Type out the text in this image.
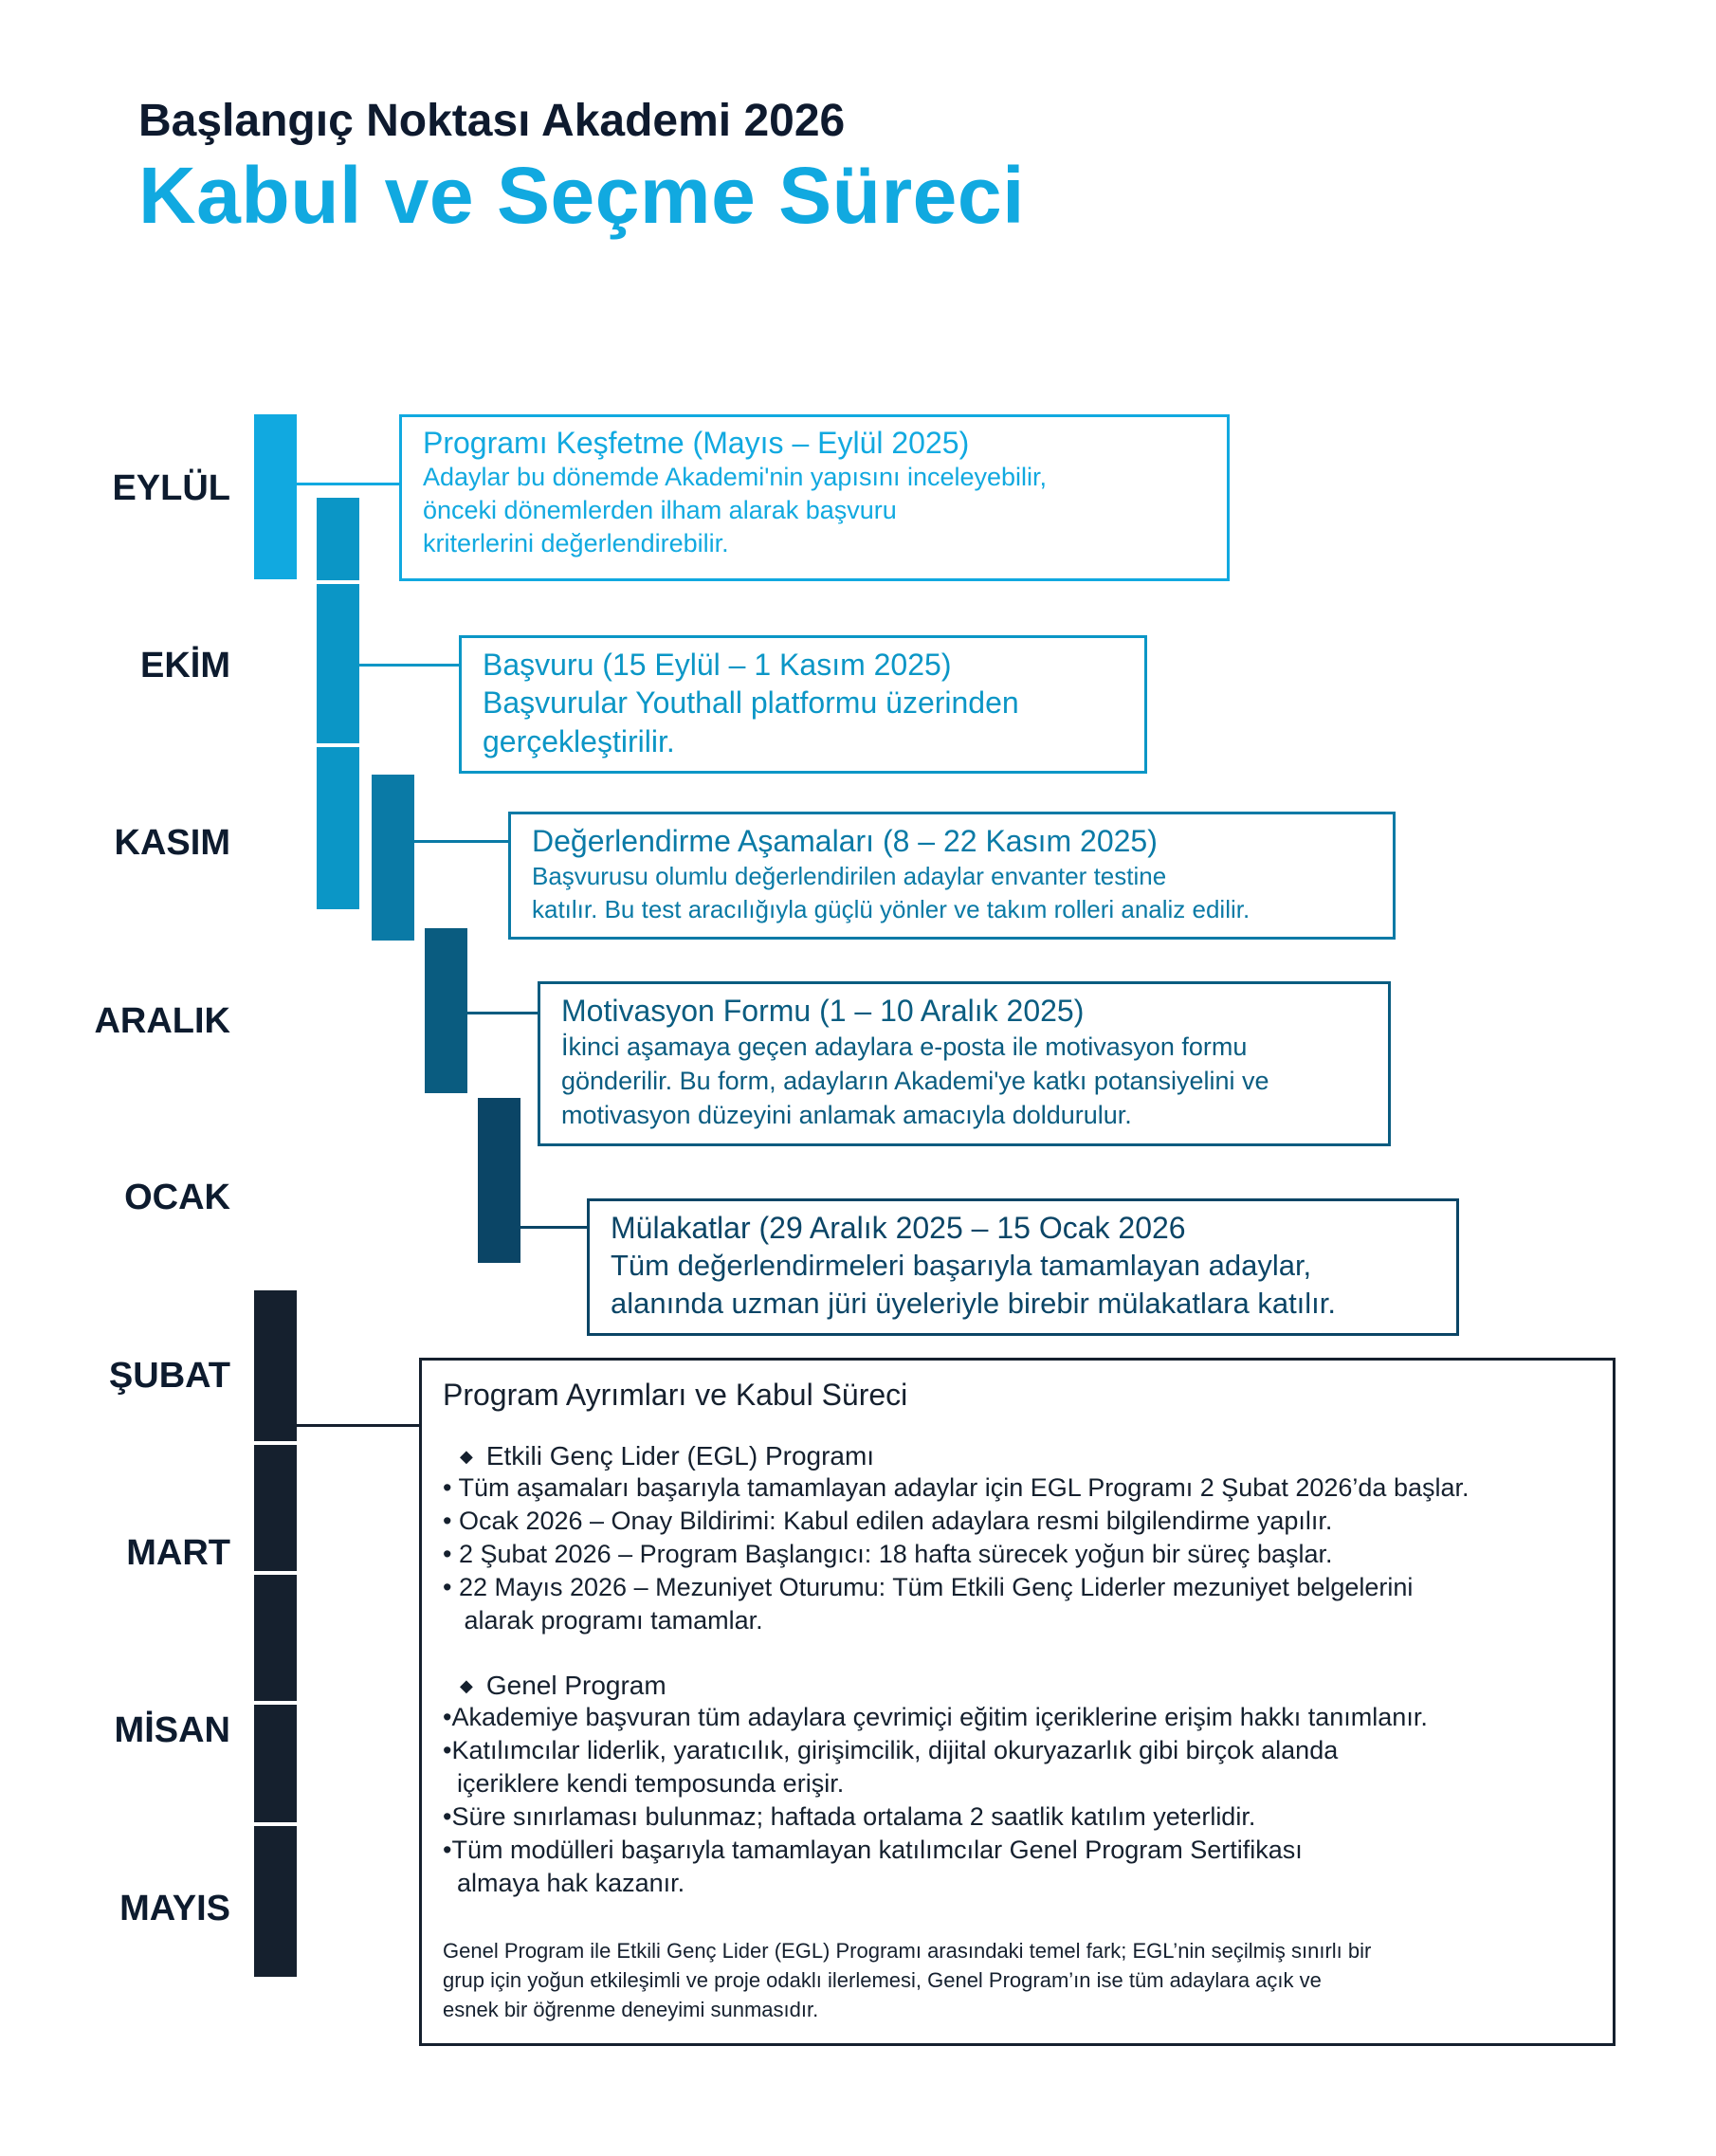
Başlangıç Noktası Akademi 2026
Kabul ve Seçme Süreci
EYLÜL
EKİM
KASIM
ARALIK
OCAK
ŞUBAT
MART
MİSAN
MAYIS
Programı Keşfetme (Mayıs – Eylül 2025)
Adaylar bu dönemde Akademi'nin yapısını inceleyebilir,
önceki dönemlerden ilham alarak başvuru
kriterlerini değerlendirebilir.
Başvuru (15 Eylül – 1 Kasım 2025)
Başvurular Youthall platformu üzerinden
gerçekleştirilir.
Değerlendirme Aşamaları (8 – 22 Kasım 2025)
Başvurusu olumlu değerlendirilen adaylar envanter testine
katılır. Bu test aracılığıyla güçlü yönler ve takım rolleri analiz edilir.
Motivasyon Formu (1 – 10 Aralık 2025)
İkinci aşamaya geçen adaylara e-posta ile motivasyon formu
gönderilir. Bu form, adayların Akademi'ye katkı potansiyelini ve
motivasyon düzeyini anlamak amacıyla doldurulur.
Mülakatlar (29 Aralık 2025 – 15 Ocak 2026
Tüm değerlendirmeleri başarıyla tamamlayan adaylar,
alanında uzman jüri üyeleriyle birebir mülakatlara katılır.
Program Ayrımları ve Kabul Süreci
◆ Etkili Genç Lider (EGL) Programı
• Tüm aşamaları başarıyla tamamlayan adaylar için EGL Programı 2 Şubat 2026’da başlar.
• Ocak 2026 – Onay Bildirimi: Kabul edilen adaylara resmi bilgilendirme yapılır.
• 2 Şubat 2026 – Program Başlangıcı: 18 hafta sürecek yoğun bir süreç başlar.
• 22 Mayıs 2026 – Mezuniyet Oturumu: Tüm Etkili Genç Liderler mezuniyet belgelerini
alarak programı tamamlar.
◆ Genel Program
•Akademiye başvuran tüm adaylara çevrimiçi eğitim içeriklerine erişim hakkı tanımlanır.
•Katılımcılar liderlik, yaratıcılık, girişimcilik, dijital okuryazarlık gibi birçok alanda
içeriklere kendi temposunda erişir.
•Süre sınırlaması bulunmaz; haftada ortalama 2 saatlik katılım yeterlidir.
•Tüm modülleri başarıyla tamamlayan katılımcılar Genel Program Sertifikası
almaya hak kazanır.
Genel Program ile Etkili Genç Lider (EGL) Programı arasındaki temel fark; EGL’nin seçilmiş sınırlı bir
grup için yoğun etkileşimli ve proje odaklı ilerlemesi, Genel Program’ın ise tüm adaylara açık ve
esnek bir öğrenme deneyimi sunmasıdır.
